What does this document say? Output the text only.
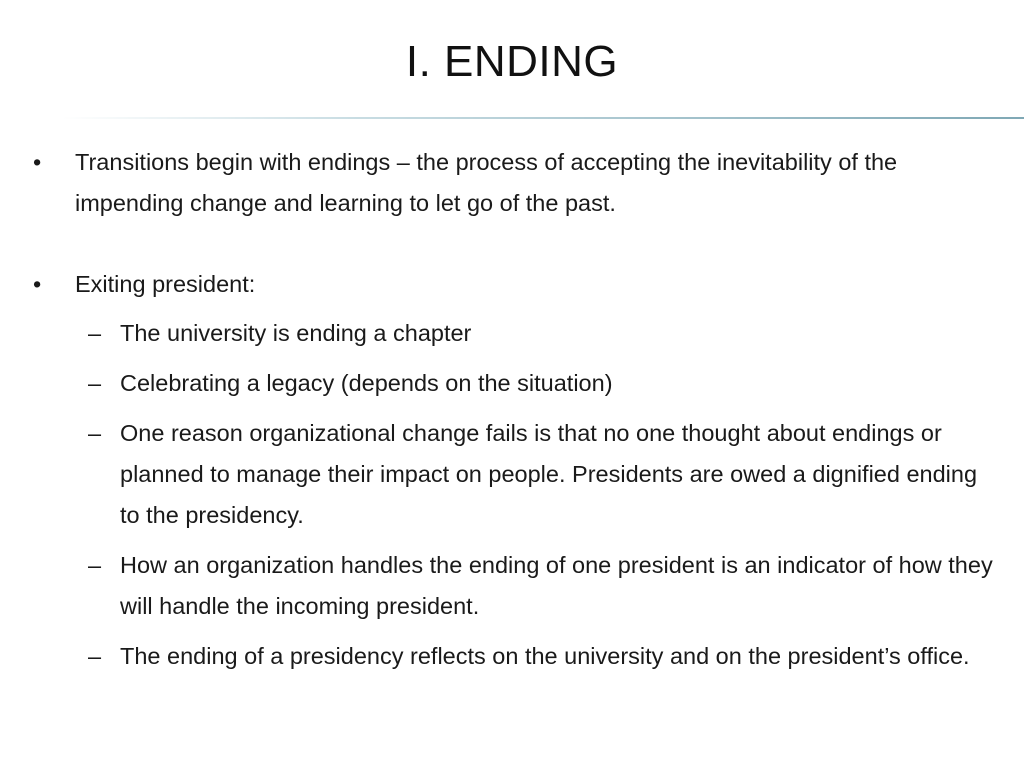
I. ENDING
• Transitions begin with endings – the process of accepting the inevitability of the impending change and learning to let go of the past.
• Exiting president:
– The university is ending a chapter
– Celebrating a legacy (depends on the situation)
– One reason organizational change fails is that no one thought about endings or planned to manage their impact on people. Presidents are owed a dignified ending to the presidency.
– How an organization handles the ending of one president is an indicator of how they will handle the incoming president.
– The ending of a presidency reflects on the university and on the president’s office.
